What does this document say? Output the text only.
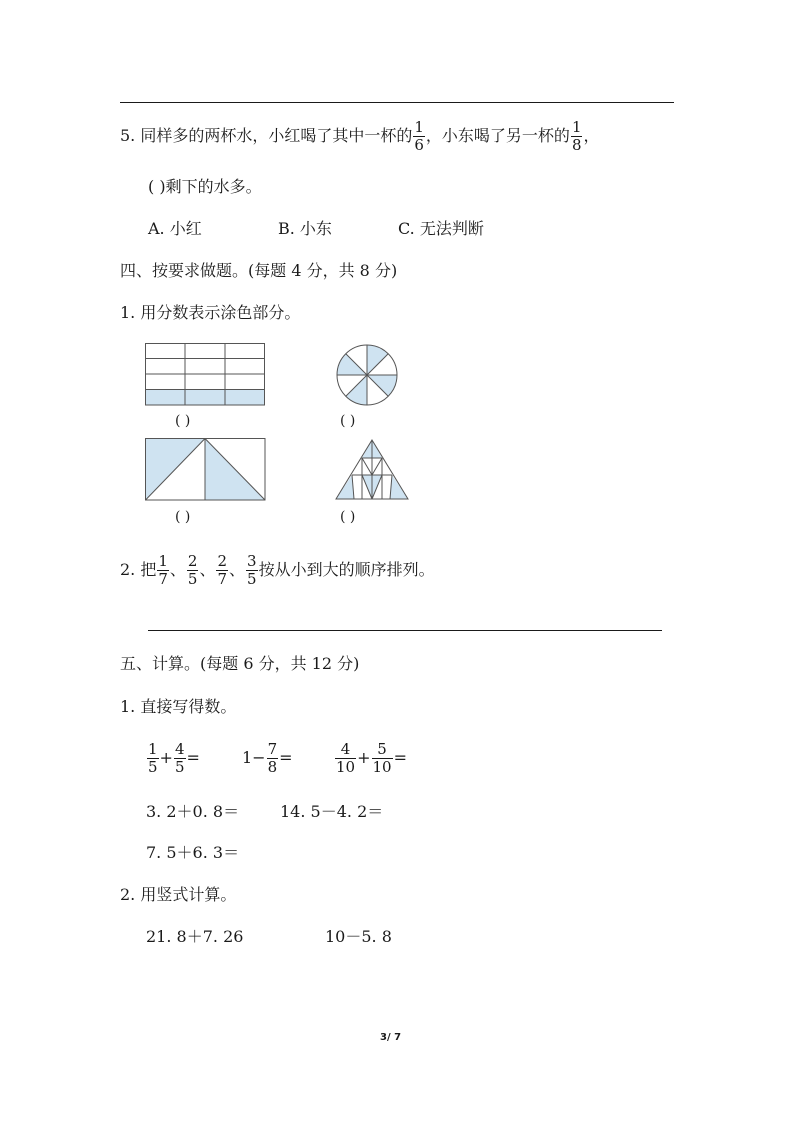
5. 同样多的两杯水，小红喝了其中一杯的 $\frac{1}{6}$ ，小东喝了另一杯的 $\frac{1}{8}$ ，
( )剩下的水多。
A. 小红	B. 小东	C. 无法判断
四、按要求做题。(每题 4 分，共 8 分)
1. 用分数表示涂色部分。
( )	( )
( )	( )
2. 把 $\frac{1}{7}$ 、 $\frac{2}{5}$ 、 $\frac{2}{7}$ 、 $\frac{3}{5}$ 按从小到大的顺序排列。
五、计算。(每题 6 分，共 12 分)
1. 直接写得数。
$\frac{1}{5} + \frac{4}{5}$ =	$1- \frac{7}{8}$ =	$\frac{4}{10} + \frac{5}{10}$ =
3. 2＋0. 8＝	14. 5－4. 2＝
7. 5＋6. 3＝
2. 用竖式计算。
21. 8＋7. 26	10－5. 8
3/ 7
